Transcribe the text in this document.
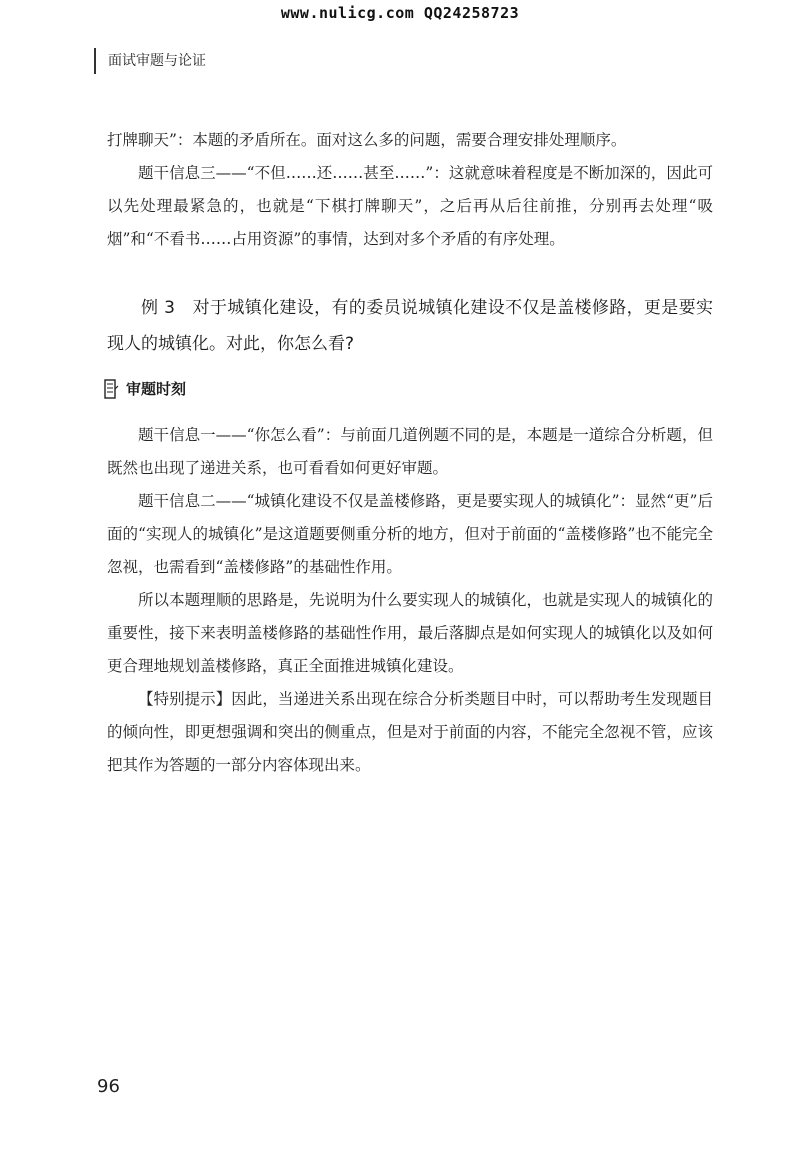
www.nulicg.com QQ24258723
面试审题与论证

打牌聊天”：本题的矛盾所在。面对这么多的问题，需要合理安排处理顺序。

题干信息三——“不但……还……甚至……”：这就意味着程度是不断加深的，因此可以先处理最紧急的，也就是“下棋打牌聊天”，之后再从后往前推，分别再去处理“吸烟”和“不看书……占用资源”的事情，达到对多个矛盾的有序处理。

例 3　对于城镇化建设，有的委员说城镇化建设不仅是盖楼修路，更是要实现人的城镇化。对此，你怎么看?

审题时刻

题干信息一——“你怎么看”：与前面几道例题不同的是，本题是一道综合分析题，但既然也出现了递进关系，也可看看如何更好审题。

题干信息二——“城镇化建设不仅是盖楼修路，更是要实现人的城镇化”：显然“更”后面的“实现人的城镇化”是这道题要侧重分析的地方，但对于前面的“盖楼修路”也不能完全忽视，也需看到“盖楼修路”的基础性作用。

所以本题理顺的思路是，先说明为什么要实现人的城镇化，也就是实现人的城镇化的重要性，接下来表明盖楼修路的基础性作用，最后落脚点是如何实现人的城镇化以及如何更合理地规划盖楼修路，真正全面推进城镇化建设。

【特别提示】因此，当递进关系出现在综合分析类题目中时，可以帮助考生发现题目的倾向性，即更想强调和突出的侧重点，但是对于前面的内容，不能完全忽视不管，应该把其作为答题的一部分内容体现出来。

96
